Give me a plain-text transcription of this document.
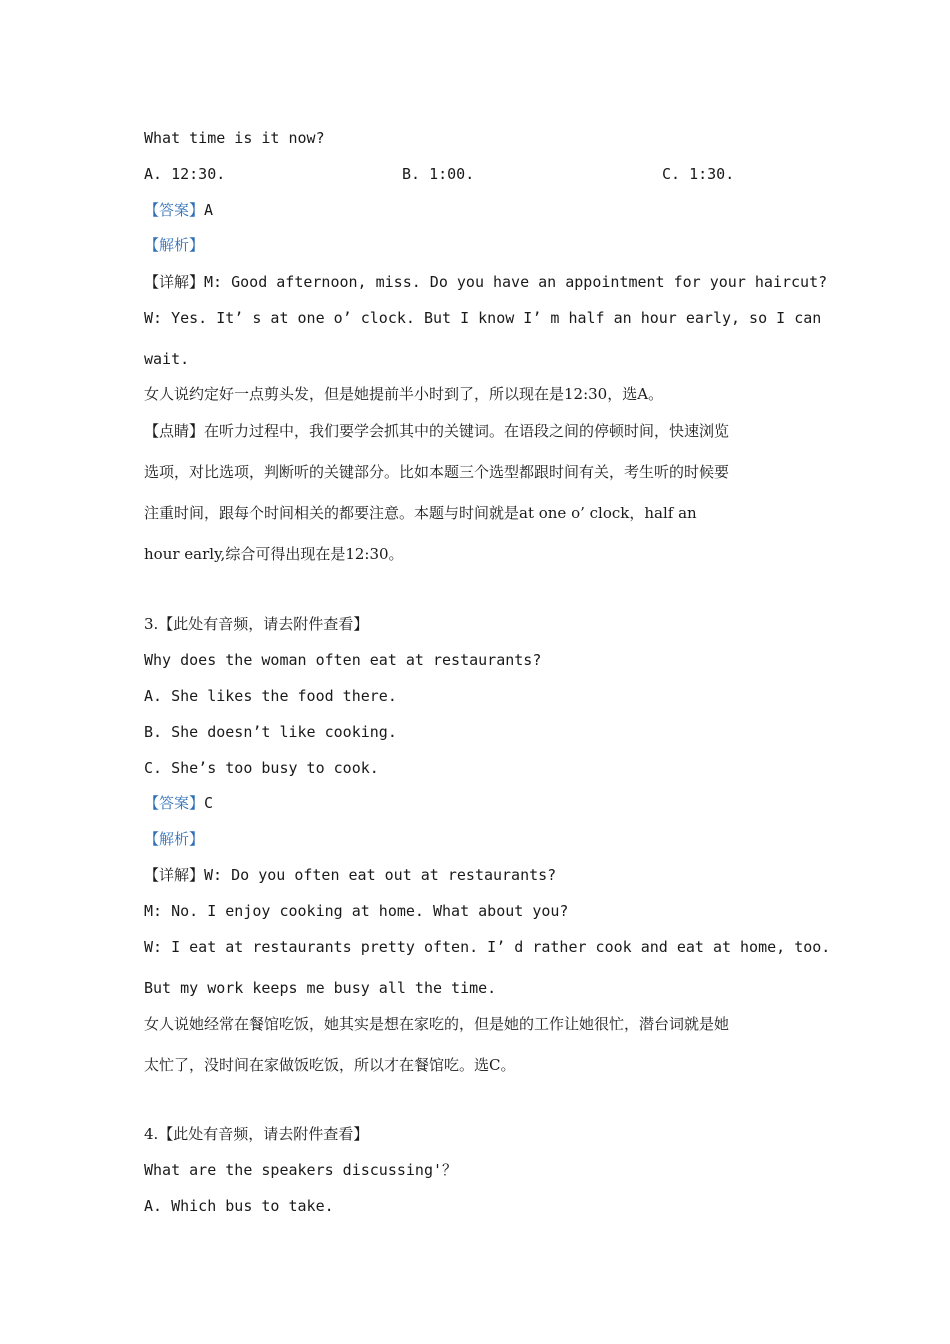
What time is it now?
A. 12:30.	B. 1:00.	C. 1:30.
【答案】A
【解析】
【详解】M: Good afternoon, miss. Do you have an appointment for your haircut?
W: Yes. It’ s at one o’ clock. But I know I’ m half an hour early, so I can
wait.
女人说约定好一点剪头发，但是她提前半小时到了，所以现在是12:30，选A。
【点睛】在听力过程中，我们要学会抓其中的关键词。在语段之间的停顿时间，快速浏览
选项，对比选项，判断听的关键部分。比如本题三个选型都跟时间有关，考生听的时候要
注重时间，跟每个时间相关的都要注意。本题与时间就是at one o’ clock，half an
hour early,综合可得出现在是12:30。
3.【此处有音频，请去附件查看】
Why does the woman often eat at restaurants?
A. She likes the food there.
B. She doesn’t like cooking.
C. She’s too busy to cook.
【答案】C
【解析】
【详解】W: Do you often eat out at restaurants?
M: No. I enjoy cooking at home. What about you?
W: I eat at restaurants pretty often. I’ d rather cook and eat at home, too.
But my work keeps me busy all the time.
女人说她经常在餐馆吃饭，她其实是想在家吃的，但是她的工作让她很忙，潜台词就是她
太忙了，没时间在家做饭吃饭，所以才在餐馆吃。选C。
4.【此处有音频，请去附件查看】
What are the speakers discussing'？
A. Which bus to take.
